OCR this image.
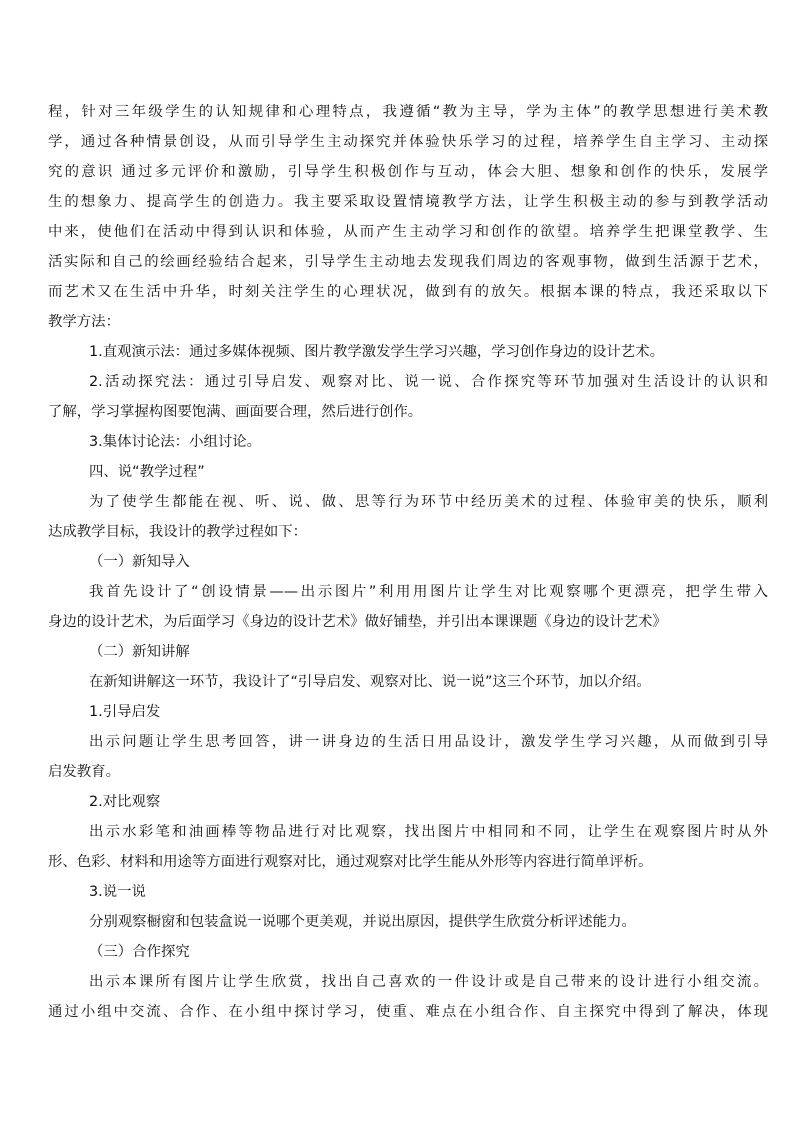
程，针对三年级学生的认知规律和心理特点，我遵循“教为主导，学为主体”的教学思想进行美术教
学，通过各种情景创设，从而引导学生主动探究并体验快乐学习的过程，培养学生自主学习、主动探
究的意识 通过多元评价和激励，引导学生积极创作与互动，体会大胆、想象和创作的快乐，发展学
生的想象力、提高学生的创造力。我主要采取设置情境教学方法，让学生积极主动的参与到教学活动
中来，使他们在活动中得到认识和体验，从而产生主动学习和创作的欲望。培养学生把课堂教学、生
活实际和自己的绘画经验结合起来，引导学生主动地去发现我们周边的客观事物，做到生活源于艺术，
而艺术又在生活中升华，时刻关注学生的心理状况，做到有的放矢。根据本课的特点，我还采取以下
教学方法：
1.直观演示法：通过多媒体视频、图片教学激发学生学习兴趣，学习创作身边的设计艺术。
2.活动探究法：通过引导启发、观察对比、说一说、合作探究等环节加强对生活设计的认识和
了解，学习掌握构图要饱满、画面要合理，然后进行创作。
3.集体讨论法：小组讨论。
四、说“教学过程”
为了使学生都能在视、听、说、做、思等行为环节中经历美术的过程、体验审美的快乐，顺利
达成教学目标，我设计的教学过程如下：
（一）新知导入
我首先设计了“创设情景——出示图片”利用用图片让学生对比观察哪个更漂亮，把学生带入
身边的设计艺术，为后面学习《身边的设计艺术》做好铺垫，并引出本课课题《身边的设计艺术》
（二）新知讲解
在新知讲解这一环节，我设计了“引导启发、观察对比、说一说”这三个环节，加以介绍。
1.引导启发
出示问题让学生思考回答，讲一讲身边的生活日用品设计，激发学生学习兴趣，从而做到引导
启发教育。
2.对比观察
出示水彩笔和油画棒等物品进行对比观察，找出图片中相同和不同，让学生在观察图片时从外
形、色彩、材料和用途等方面进行观察对比，通过观察对比学生能从外形等内容进行简单评析。
3.说一说
分别观察橱窗和包装盒说一说哪个更美观，并说出原因，提供学生欣赏分析评述能力。
（三）合作探究
出示本课所有图片让学生欣赏，找出自己喜欢的一件设计或是自己带来的设计进行小组交流。
通过小组中交流、合作、在小组中探讨学习，使重、难点在小组合作、自主探究中得到了解决，体现
